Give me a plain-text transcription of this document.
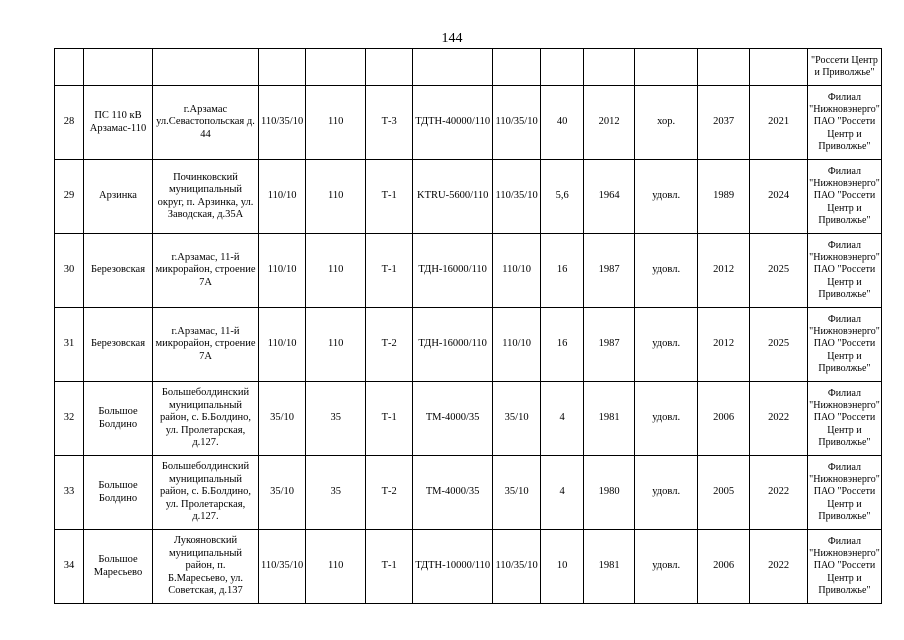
144
													"Россети Центр и Приволжье"
28	ПС 110 кВ Арзамас-110	г.Арзамас ул.Севастопольская д. 44	110/35/10	110	Т-3	ТДТН-40000/110	110/35/10	40	2012	хор.	2037	2021	Филиал "Нижновэнерго" ПАО "Россети Центр и Приволжье"
29	Арзинка	Починковский муниципальный округ, п. Арзинка, ул. Заводская, д.35А	110/10	110	Т-1	KTRU-5600/110	110/35/10	5,6	1964	удовл.	1989	2024	Филиал "Нижновэнерго" ПАО "Россети Центр и Приволжье"
30	Березовская	г.Арзамас, 11-й микрорайон, строение 7А	110/10	110	Т-1	ТДН-16000/110	110/10	16	1987	удовл.	2012	2025	Филиал "Нижновэнерго" ПАО "Россети Центр и Приволжье"
31	Березовская	г.Арзамас, 11-й микрорайон, строение 7А	110/10	110	Т-2	ТДН-16000/110	110/10	16	1987	удовл.	2012	2025	Филиал "Нижновэнерго" ПАО "Россети Центр и Приволжье"
32	Большое Болдино	Большеболдинский муниципальный район, с. Б.Болдино, ул. Пролетарская, д.127.	35/10	35	Т-1	ТМ-4000/35	35/10	4	1981	удовл.	2006	2022	Филиал "Нижновэнерго" ПАО "Россети Центр и Приволжье"
33	Большое Болдино	Большеболдинский муниципальный район, с. Б.Болдино, ул. Пролетарская, д.127.	35/10	35	Т-2	ТМ-4000/35	35/10	4	1980	удовл.	2005	2022	Филиал "Нижновэнерго" ПАО "Россети Центр и Приволжье"
34	Большое Маресьево	Лукояновский муниципальный район, п. Б.Маресьево, ул. Советская, д.137	110/35/10	110	Т-1	ТДТН-10000/110	110/35/10	10	1981	удовл.	2006	2022	Филиал "Нижновэнерго" ПАО "Россети Центр и Приволжье"
